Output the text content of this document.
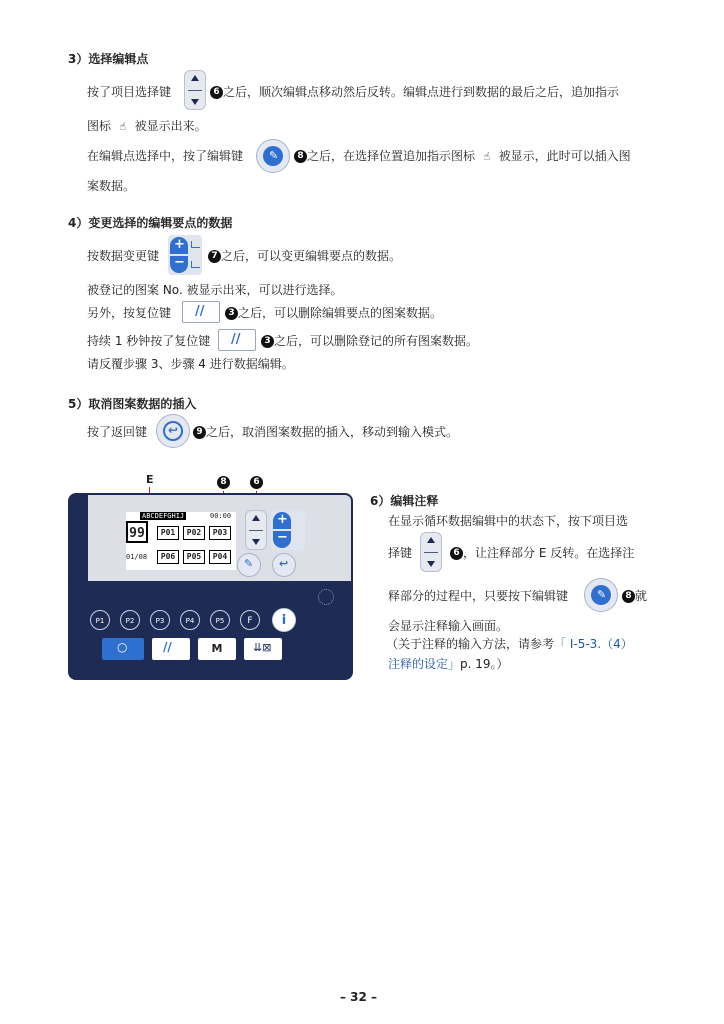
3）选择编辑点
按了项目选择键	6 之后，顺次编辑点移动然后反转。编辑点进行到数据的最后之后，追加指示
图标 ☝ 被显示出来。
在编辑点选择中，按了编辑键 ✎	8 之后，在选择位置追加指示图标 ☝ 被显示，此时可以插入图
案数据。
4）变更选择的编辑要点的数据
按数据变更键
+
−	7 之后，可以变更编辑要点的数据。
被登记的图案 No. 被显示出来，可以进行选择。
另外，按复位键 //	3 之后，可以删除编辑要点的图案数据。
持续 1 秒钟按了复位键 //	3 之后，可以删除登记的所有图案数据。
请反覆步骤 3、步骤 4 进行数据编辑。
5）取消图案数据的插入
按了返回键 ↩	9 之后，取消图案数据的插入，移动到输入模式。
E	8	6
ABCDEFGHIJ	00:00
99	P01	P02	P03
01/08	P06	P05	P04
+
−
✎ ↩
P1	P2	P3	P4	P5	F	i
○	//	M	⇊⊠
6）编辑注释
在显示循环数据编辑中的状态下，按下项目选
择键	6 ，让注释部分 E 反转。在选择注
释部分的过程中，只要按下编辑键	✎	8 就
会显示注释输入画面。
（关于注释的输入方法，请参考「 I-5-3.（4）
注释的设定」p. 19。）
– 32 –
